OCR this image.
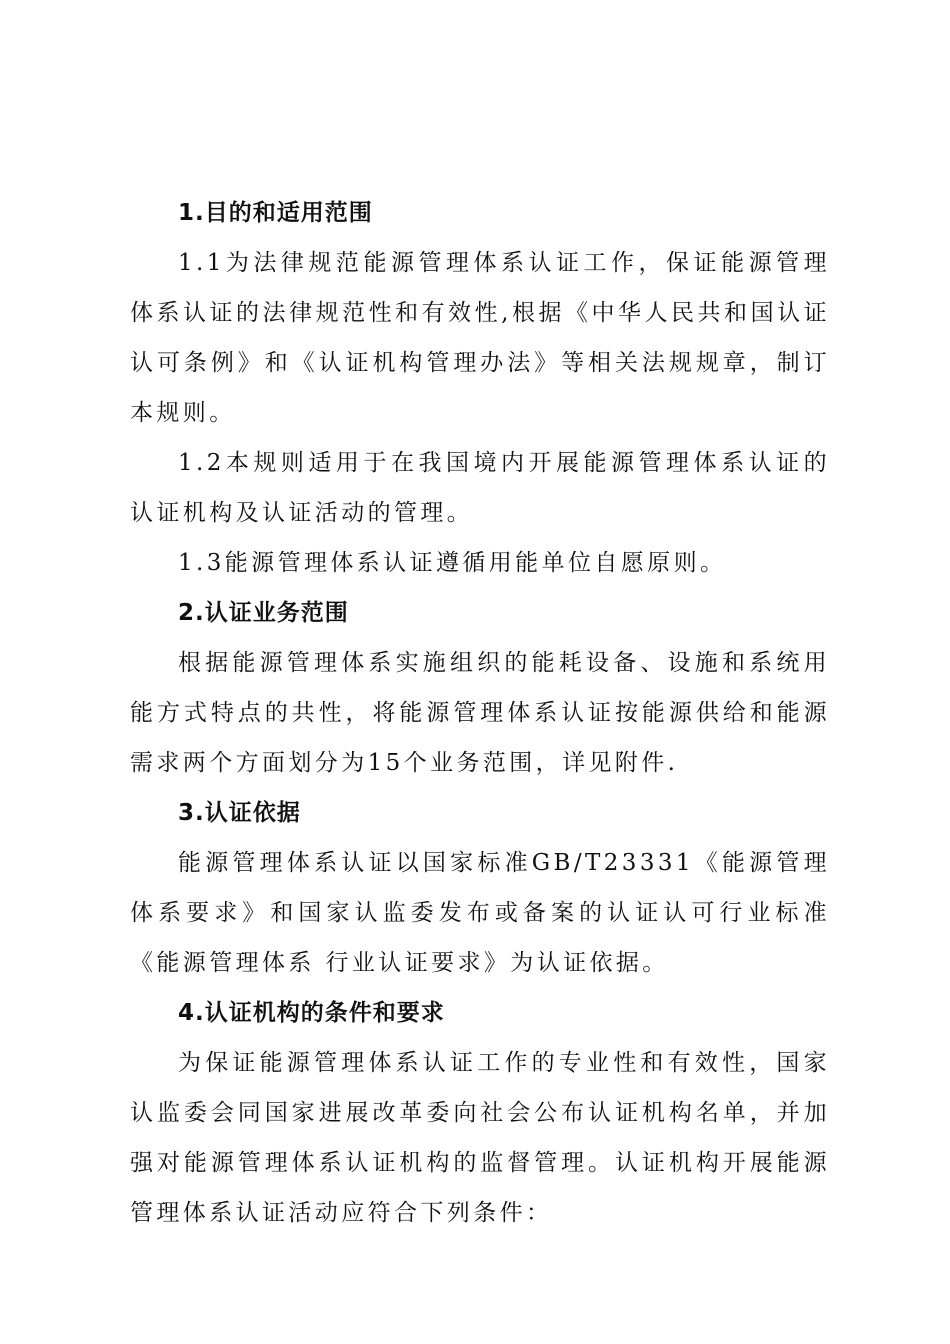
1.目的和适用范围

1.1为法律规范能源管理体系认证工作，保证能源管理体系认证的法律规范性和有效性,根据《中华人民共和国认证认可条例》和《认证机构管理办法》等相关法规规章，制订本规则。

1.2本规则适用于在我国境内开展能源管理体系认证的认证机构及认证活动的管理。

1.3能源管理体系认证遵循用能单位自愿原则。

2.认证业务范围

根据能源管理体系实施组织的能耗设备、设施和系统用能方式特点的共性，将能源管理体系认证按能源供给和能源需求两个方面划分为15个业务范围，详见附件.

3.认证依据

能源管理体系认证以国家标准GB/T23331《能源管理体系要求》和国家认监委发布或备案的认证认可行业标准《能源管理体系 行业认证要求》为认证依据。

4.认证机构的条件和要求

为保证能源管理体系认证工作的专业性和有效性，国家认监委会同国家进展改革委向社会公布认证机构名单，并加强对能源管理体系认证机构的监督管理。认证机构开展能源管理体系认证活动应符合下列条件：
